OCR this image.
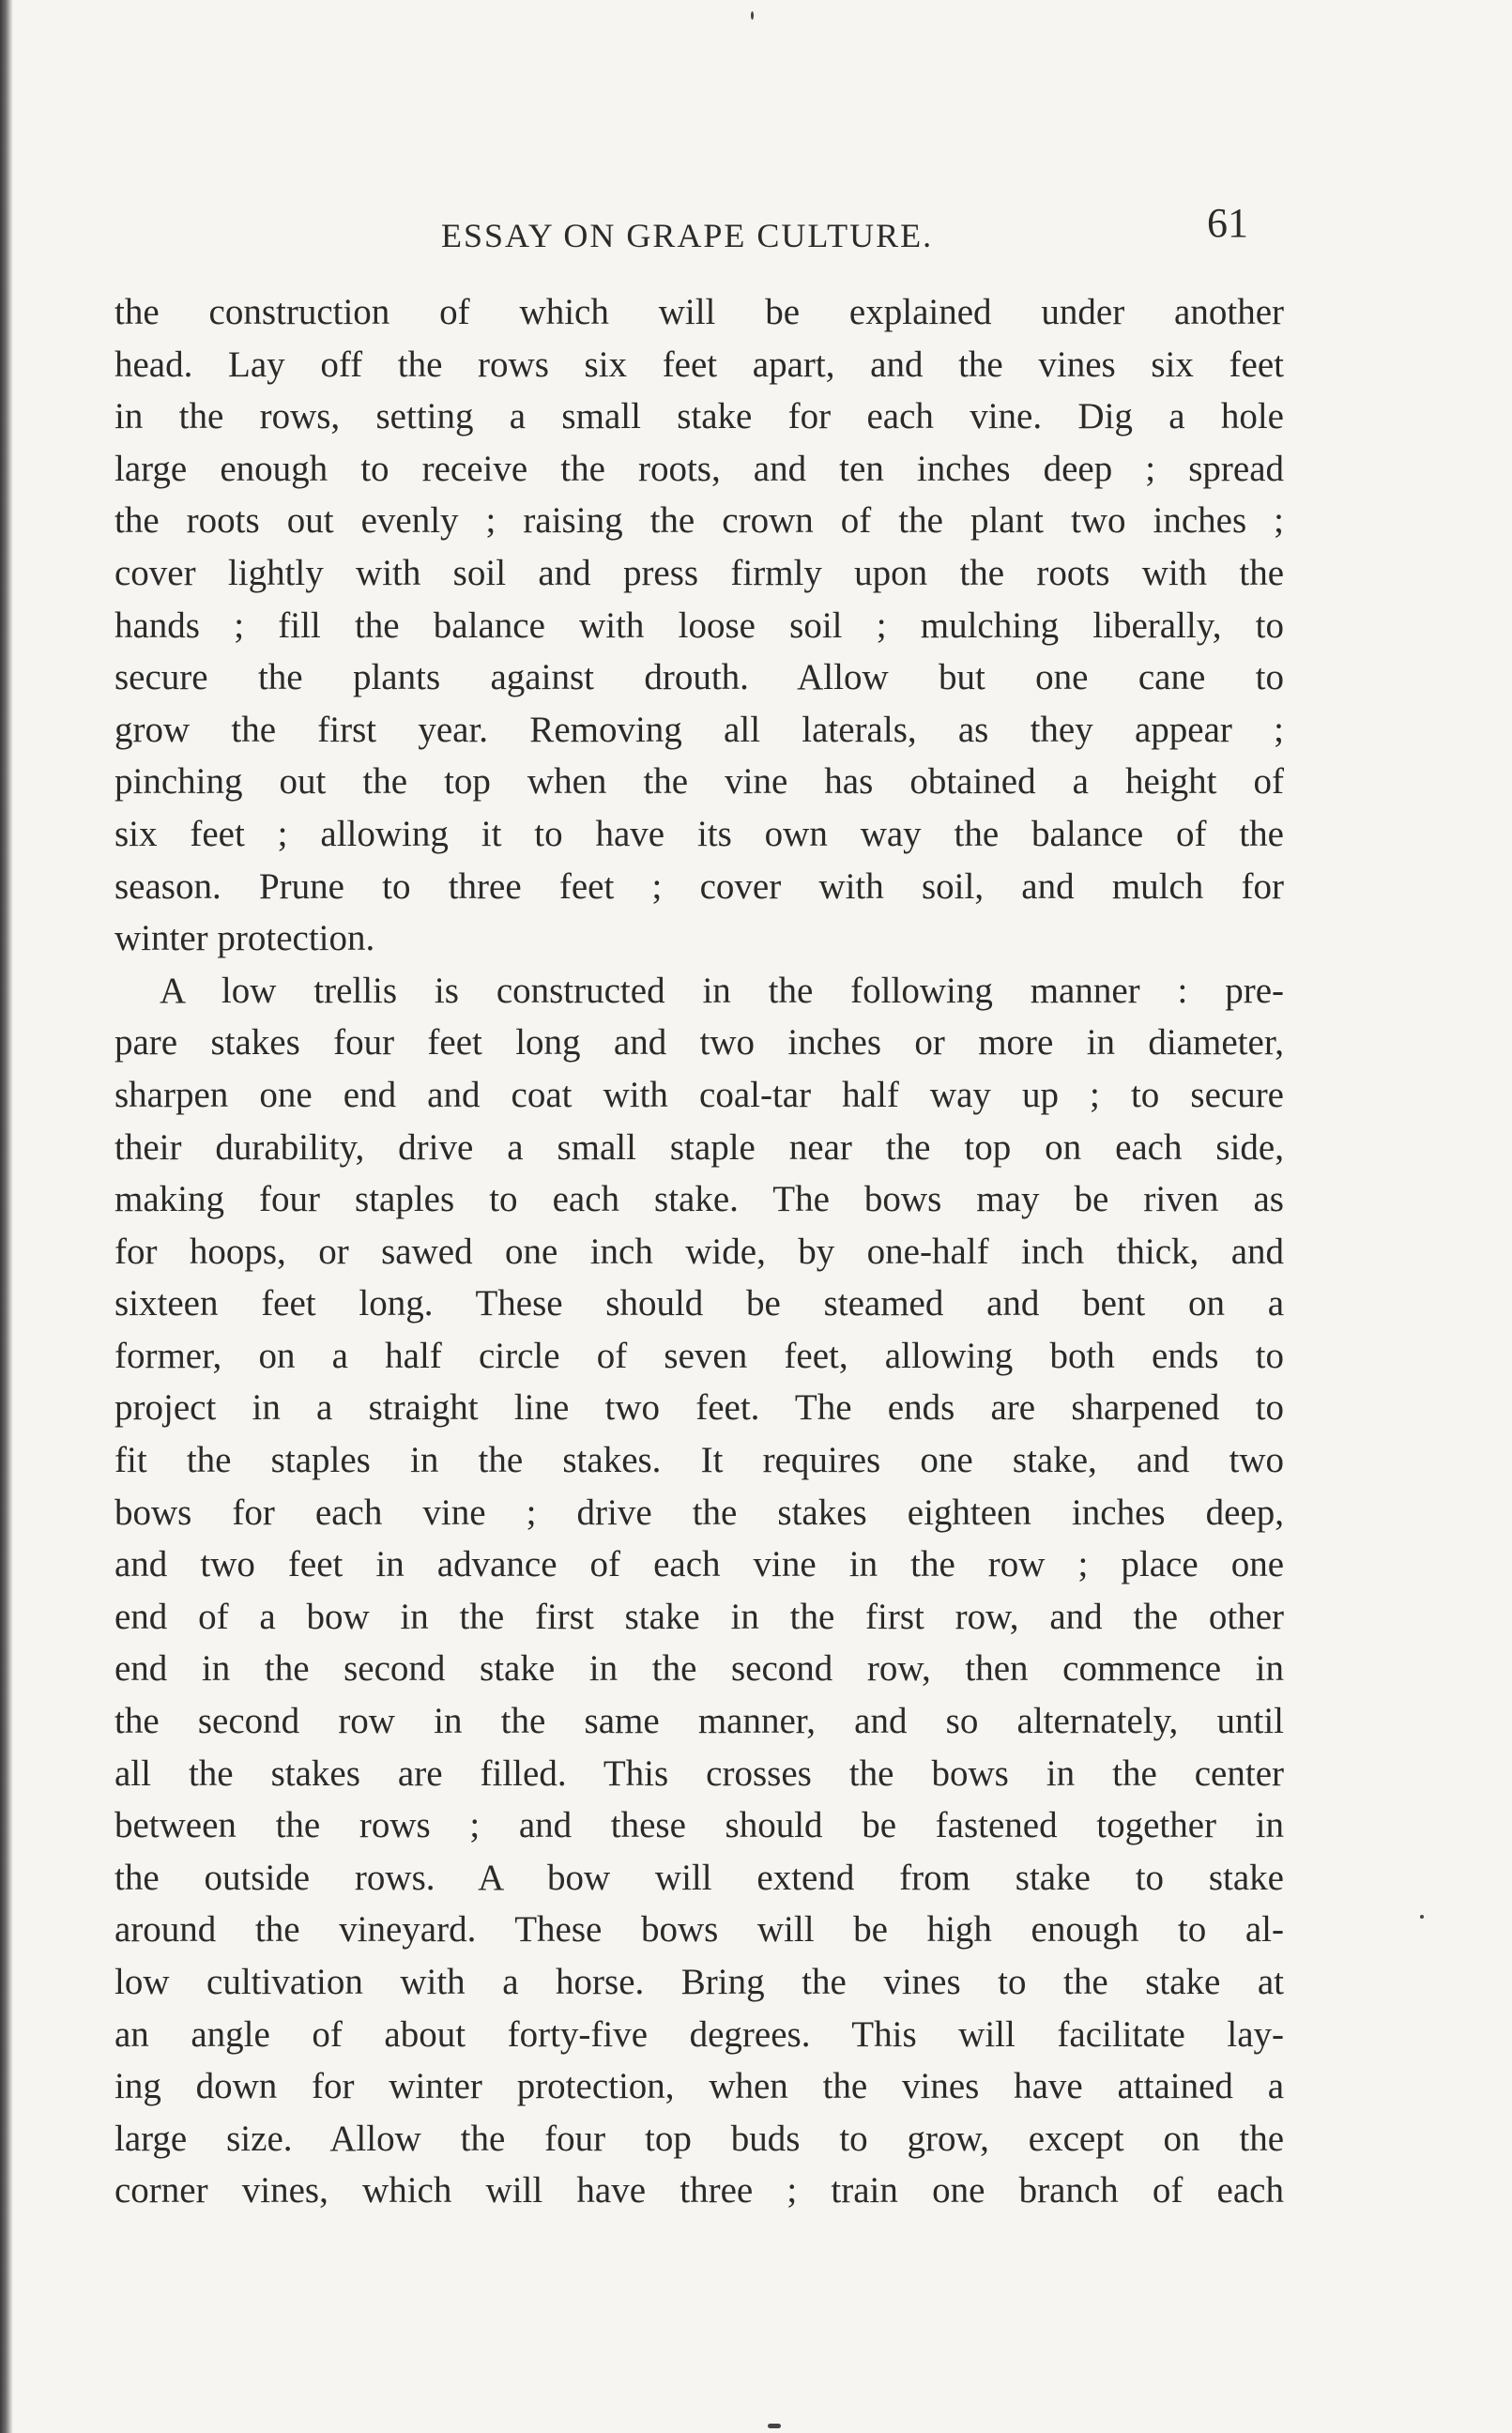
ESSAY ON GRAPE CULTURE.	61
the construction of which will be explained under another
head. Lay off the rows six feet apart, and the vines six feet
in the rows, setting a small stake for each vine. Dig a hole
large enough to receive the roots, and ten inches deep ; spread
the roots out evenly ; raising the crown of the plant two inches ;
cover lightly with soil and press firmly upon the roots with the
hands ; fill the balance with loose soil ; mulching liberally, to
secure the plants against drouth. Allow but one cane to
grow the first year. Removing all laterals, as they appear ;
pinching out the top when the vine has obtained a height of
six feet ; allowing it to have its own way the balance of the
season. Prune to three feet ; cover with soil, and mulch for
winter protection.
A low trellis is constructed in the following manner : pre-
pare stakes four feet long and two inches or more in diameter,
sharpen one end and coat with coal-tar half way up ; to secure
their durability, drive a small staple near the top on each side,
making four staples to each stake. The bows may be riven as
for hoops, or sawed one inch wide, by one-half inch thick, and
sixteen feet long. These should be steamed and bent on a
former, on a half circle of seven feet, allowing both ends to
project in a straight line two feet. The ends are sharpened to
fit the staples in the stakes. It requires one stake, and two
bows for each vine ; drive the stakes eighteen inches deep,
and two feet in advance of each vine in the row ; place one
end of a bow in the first stake in the first row, and the other
end in the second stake in the second row, then commence in
the second row in the same manner, and so alternately, until
all the stakes are filled. This crosses the bows in the center
between the rows ; and these should be fastened together in
the outside rows. A bow will extend from stake to stake
around the vineyard. These bows will be high enough to al-
low cultivation with a horse. Bring the vines to the stake at
an angle of about forty-five degrees. This will facilitate lay-
ing down for winter protection, when the vines have attained a
large size. Allow the four top buds to grow, except on the
corner vines, which will have three ; train one branch of each
